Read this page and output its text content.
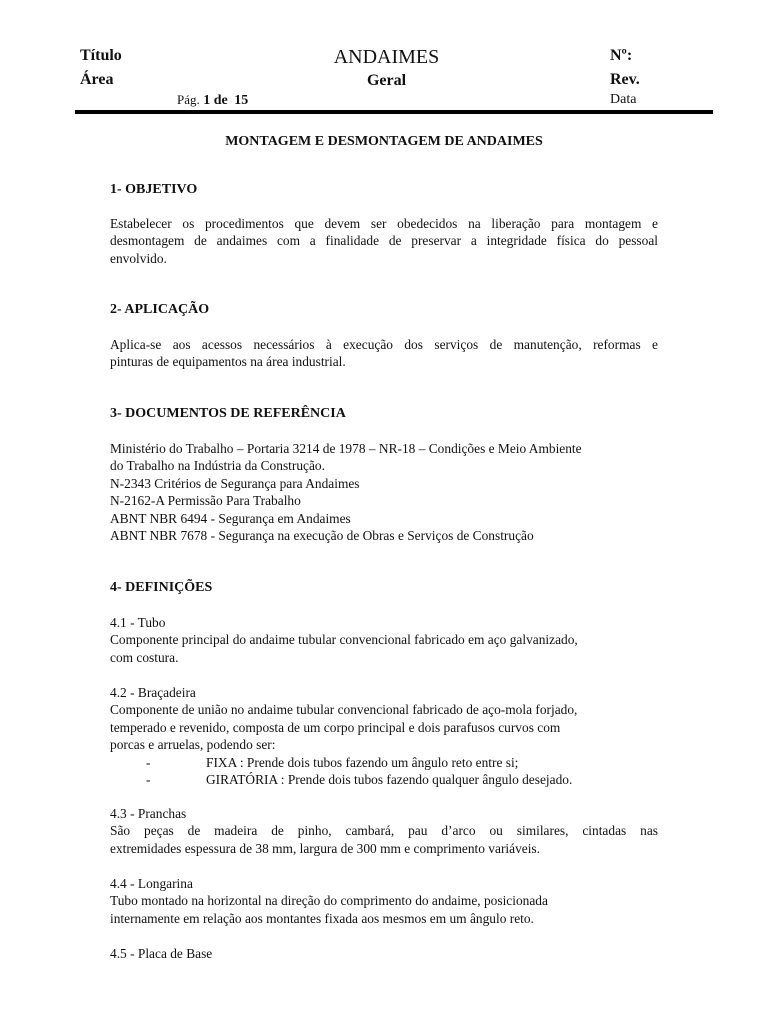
Título
Área
ANDAIMES
Geral
Pág. 1 de 15
Nº:
Rev.
Data
MONTAGEM E DESMONTAGEM DE ANDAIMES
1- OBJETIVO
Estabelecer os procedimentos que devem ser obedecidos na liberação para montagem e
desmontagem de andaimes com a finalidade de preservar a integridade física do pessoal
envolvido.
2- APLICAÇÃO
Aplica-se aos acessos necessários à execução dos serviços de manutenção, reformas e
pinturas de equipamentos na área industrial.
3- DOCUMENTOS DE REFERÊNCIA
Ministério do Trabalho – Portaria 3214 de 1978 – NR-18 – Condições e Meio Ambiente
do Trabalho na Indústria da Construção.
N-2343 Critérios de Segurança para Andaimes
N-2162-A Permissão Para Trabalho
ABNT NBR 6494 - Segurança em Andaimes
ABNT NBR 7678 - Segurança na execução de Obras e Serviços de Construção
4- DEFINIÇÕES
4.1 - Tubo
Componente principal do andaime tubular convencional fabricado em aço galvanizado,
com costura.
4.2 - Braçadeira
Componente de união no andaime tubular convencional fabricado de aço-mola forjado,
temperado e revenido, composta de um corpo principal e dois parafusos curvos com
porcas e arruelas, podendo ser:
-	FIXA : Prende dois tubos fazendo um ângulo reto entre si;
-	GIRATÓRIA : Prende dois tubos fazendo qualquer ângulo desejado.
4.3 - Pranchas
São peças de madeira de pinho, cambará, pau d’arco ou similares, cintadas nas
extremidades espessura de 38 mm, largura de 300 mm e comprimento variáveis.
4.4 - Longarina
Tubo montado na horizontal na direção do comprimento do andaime, posicionada
internamente em relação aos montantes fixada aos mesmos em um ângulo reto.
4.5 - Placa de Base
